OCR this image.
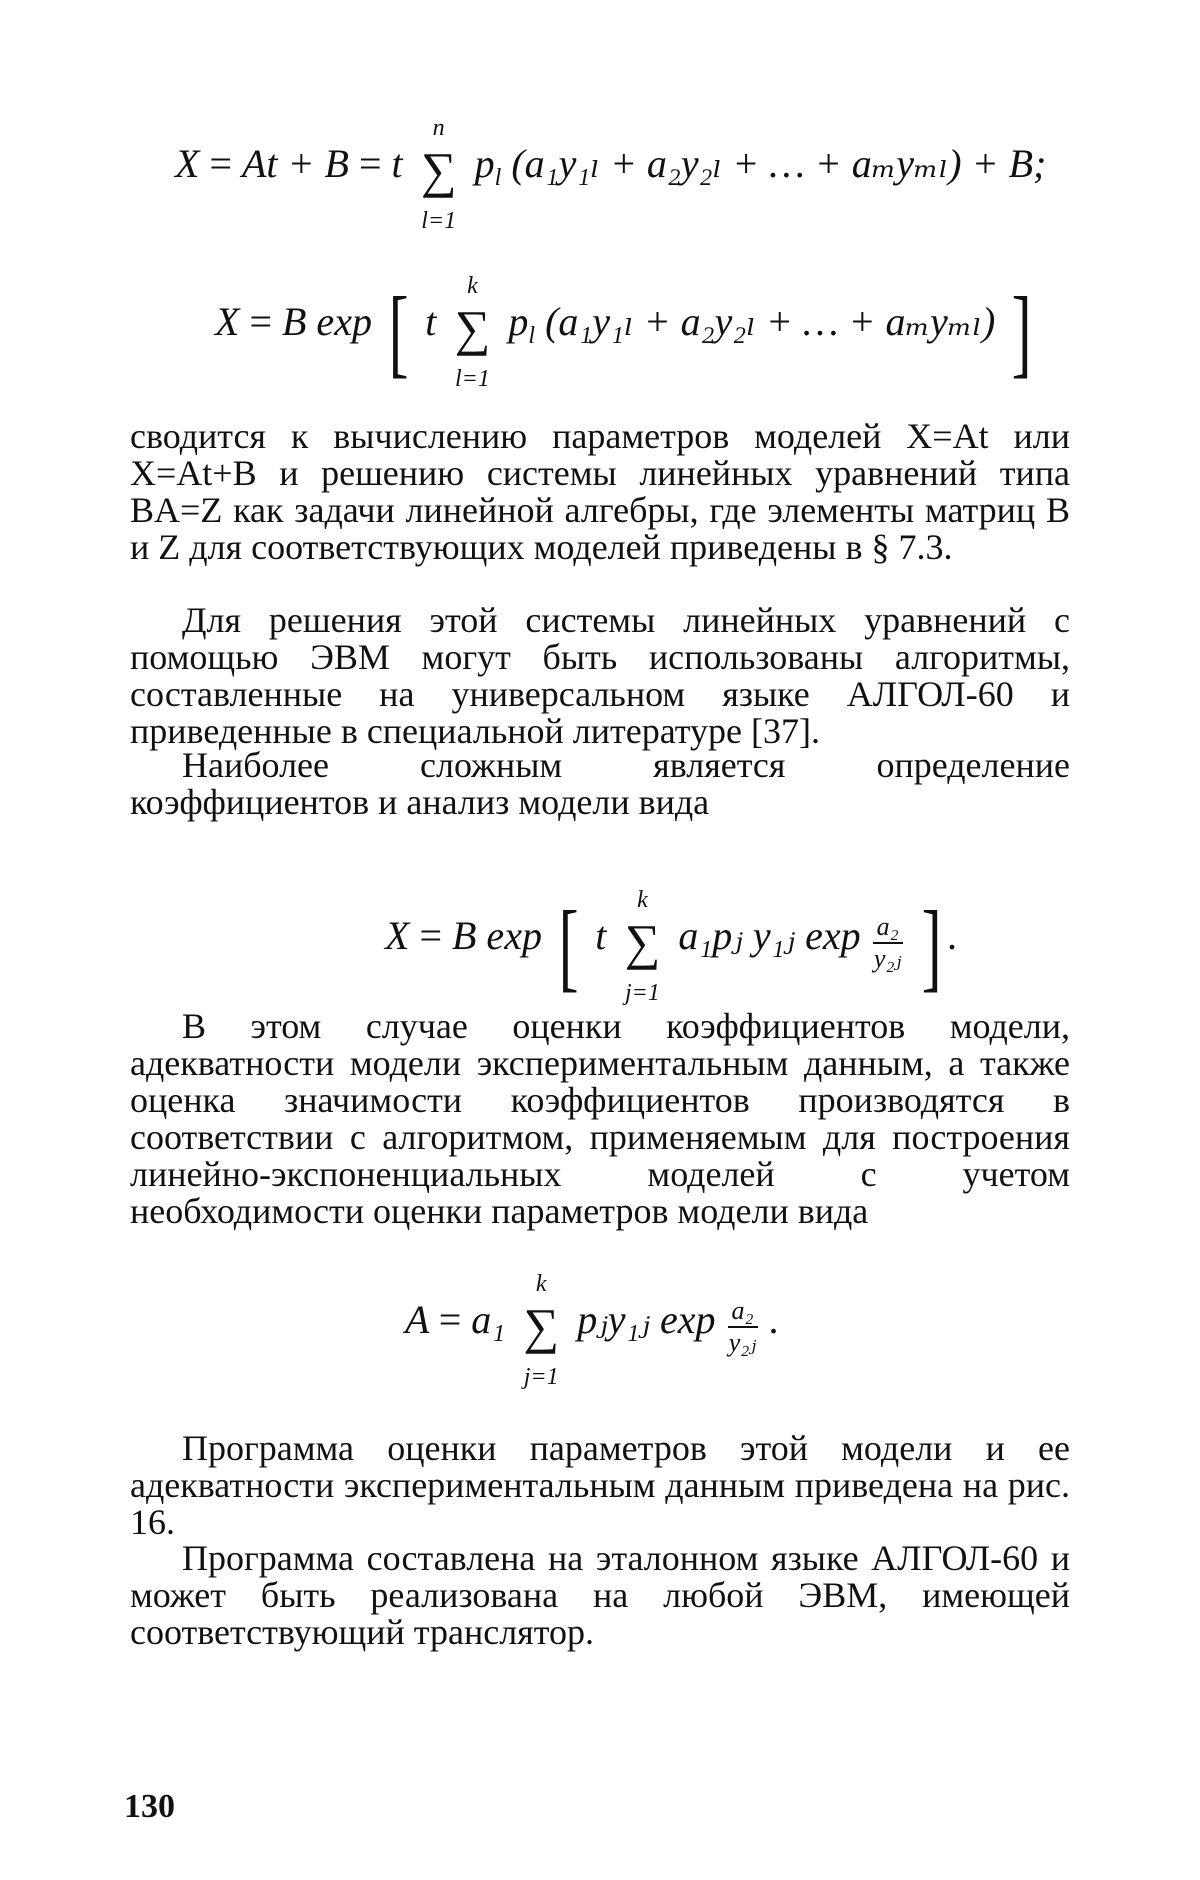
X = At + B = t
n
∑
l=1
$p_l$ (a₁y₁ₗ + a₂y₂ₗ + … + aₘyₘₗ) + B;
X = B exp [ t
k
∑
l=1
$p_l$ (a₁y₁ₗ + a₂y₂ₗ + … + aₘyₘₗ) ]
сводится к вычислению параметров моделей X=At или X=At+B и решению системы линейных уравнений типа BA=Z как задачи линейной алгебры, где элементы матриц B и Z для соответствующих моделей приведены в § 7.3.
Для решения этой системы линейных уравнений с помощью ЭВМ могут быть использованы алгоритмы, составленные на универсальном языке АЛГОЛ-60 и приведенные в специальной литературе [37].
Наиболее сложным является определение коэффициентов и анализ модели вида
X = B exp [ t
k
∑
j=1
a₁pⱼ y₁ⱼ $\exp \frac{\text{a₂}}{\text{y₂ⱼ}}$ ] .
В этом случае оценки коэффициентов модели, адекватности модели экспериментальным данным, а также оценка значимости коэффициентов производятся в соответствии с алгоритмом, применяемым для построения линейно-экспоненциальных моделей с учетом необходимости оценки параметров модели вида
A = a₁
k
∑
j=1
pⱼy₁ⱼ $\exp \frac{\text{a₂}}{\text{y₂ⱼ}}$ .
Программа оценки параметров этой модели и ее адекватности экспериментальным данным приведена на рис. 16.
Программа составлена на эталонном языке АЛГОЛ-60 и может быть реализована на любой ЭВМ, имеющей соответствующий транслятор.
130
